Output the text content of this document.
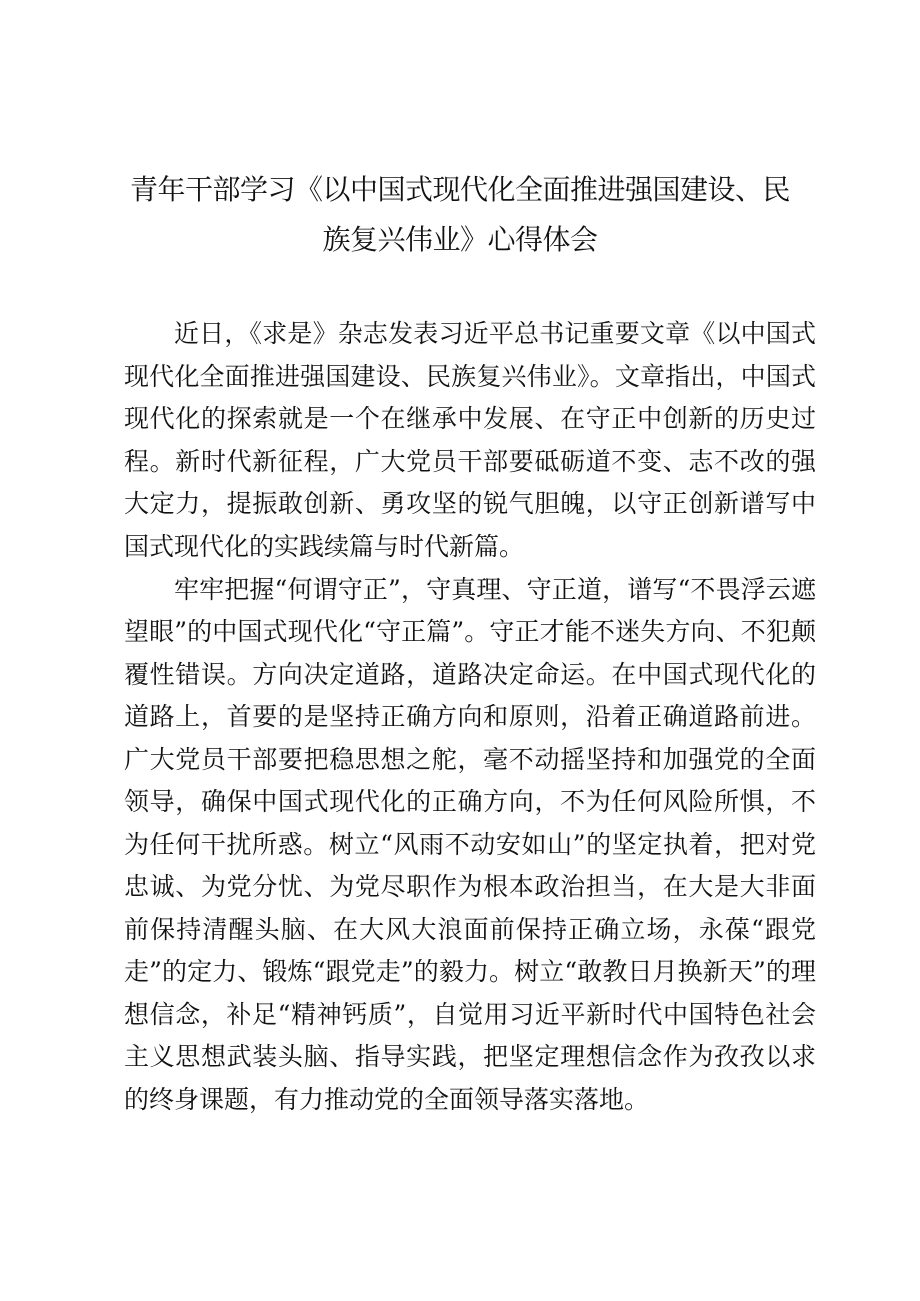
青年干部学习《以中国式现代化全面推进强国建设、民
族复兴伟业》心得体会

近日，《求是》杂志发表习近平总书记重要文章《以中国式现代化全面推进强国建设、民族复兴伟业》。文章指出，中国式现代化的探索就是一个在继承中发展、在守正中创新的历史过程。新时代新征程，广大党员干部要砥砺道不变、志不改的强大定力，提振敢创新、勇攻坚的锐气胆魄，以守正创新谱写中国式现代化的实践续篇与时代新篇。

牢牢把握“何谓守正”，守真理、守正道，谱写“不畏浮云遮望眼”的中国式现代化“守正篇”。守正才能不迷失方向、不犯颠覆性错误。方向决定道路，道路决定命运。在中国式现代化的道路上，首要的是坚持正确方向和原则，沿着正确道路前进。广大党员干部要把稳思想之舵，毫不动摇坚持和加强党的全面领导，确保中国式现代化的正确方向，不为任何风险所惧，不为任何干扰所惑。树立“风雨不动安如山”的坚定执着，把对党忠诚、为党分忧、为党尽职作为根本政治担当，在大是大非面前保持清醒头脑、在大风大浪面前保持正确立场，永葆“跟党走”的定力、锻炼“跟党走”的毅力。树立“敢教日月换新天”的理想信念，补足“精神钙质”，自觉用习近平新时代中国特色社会主义思想武装头脑、指导实践，把坚定理想信念作为孜孜以求的终身课题，有力推动党的全面领导落实落地。
